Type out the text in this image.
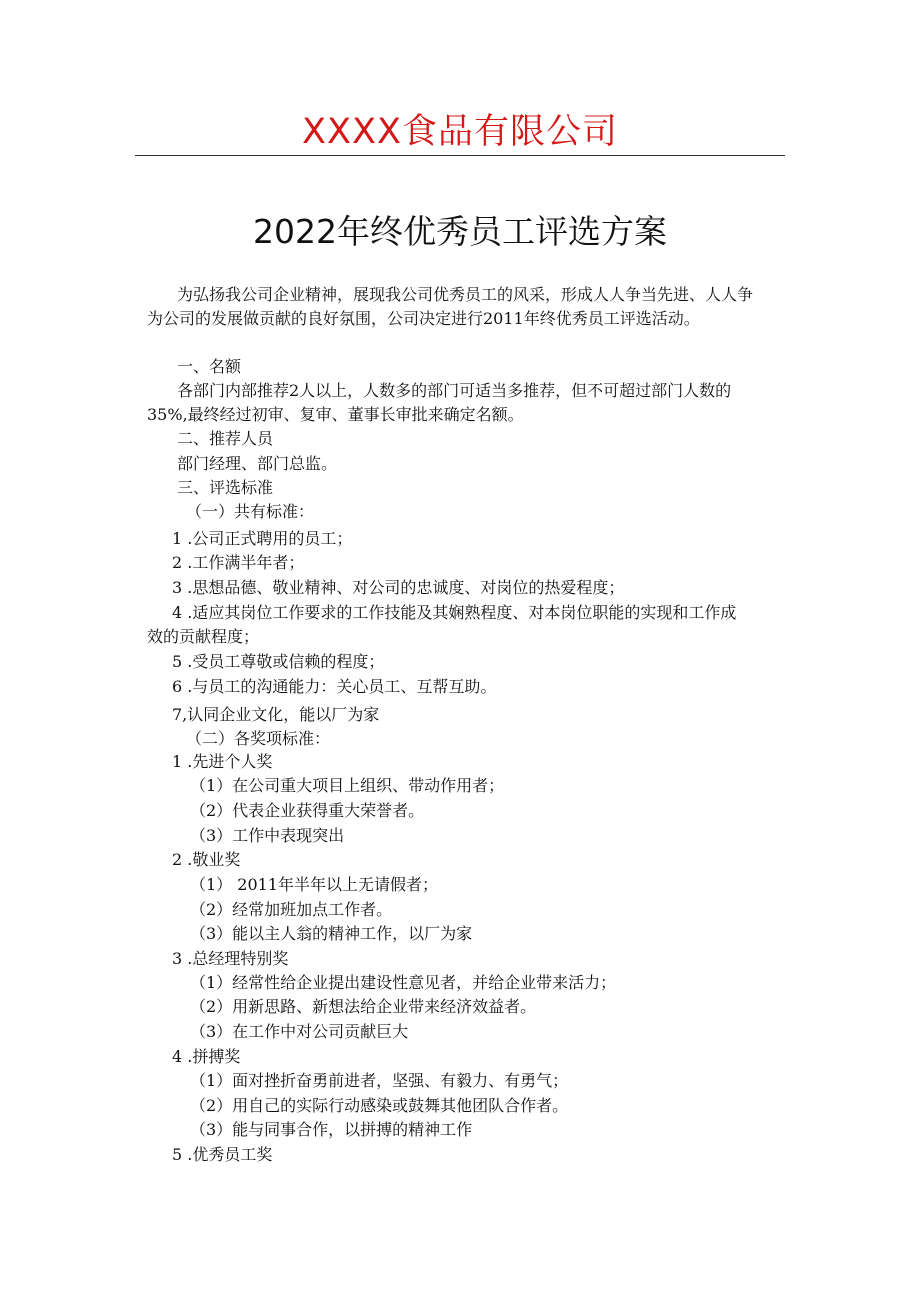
XXXX食品有限公司
2022年终优秀员工评选方案
为弘扬我公司企业精神，展现我公司优秀员工的风采，形成人人争当先进、人人争
为公司的发展做贡献的良好氛围，公司决定进行2011年终优秀员工评选活动。
一、名额
各部门内部推荐2人以上，人数多的部门可适当多推荐，但不可超过部门人数的
35%,最终经过初审、复审、董事长审批来确定名额。
二、推荐人员
部门经理、部门总监。
三、评选标准
（一）共有标准：
1 .公司正式聘用的员工；
2 .工作满半年者；
3 .思想品德、敬业精神、对公司的忠诚度、对岗位的热爱程度；
4 .适应其岗位工作要求的工作技能及其娴熟程度、对本岗位职能的实现和工作成
效的贡献程度；
5 .受员工尊敬或信赖的程度；
6 .与员工的沟通能力：关心员工、互帮互助。
7,认同企业文化，能以厂为家
（二）各奖项标准：
1 .先进个人奖
（1）在公司重大项目上组织、带动作用者；
（2）代表企业获得重大荣誉者。
（3）工作中表现突出
2 .敬业奖
（1） 2011年半年以上无请假者；
（2）经常加班加点工作者。
（3）能以主人翁的精神工作，以厂为家
3 .总经理特别奖
（1）经常性给企业提出建设性意见者，并给企业带来活力；
（2）用新思路、新想法给企业带来经济效益者。
（3）在工作中对公司贡献巨大
4 .拼搏奖
（1）面对挫折奋勇前进者，坚强、有毅力、有勇气；
（2）用自己的实际行动感染或鼓舞其他团队合作者。
（3）能与同事合作，以拼搏的精神工作
5 .优秀员工奖
